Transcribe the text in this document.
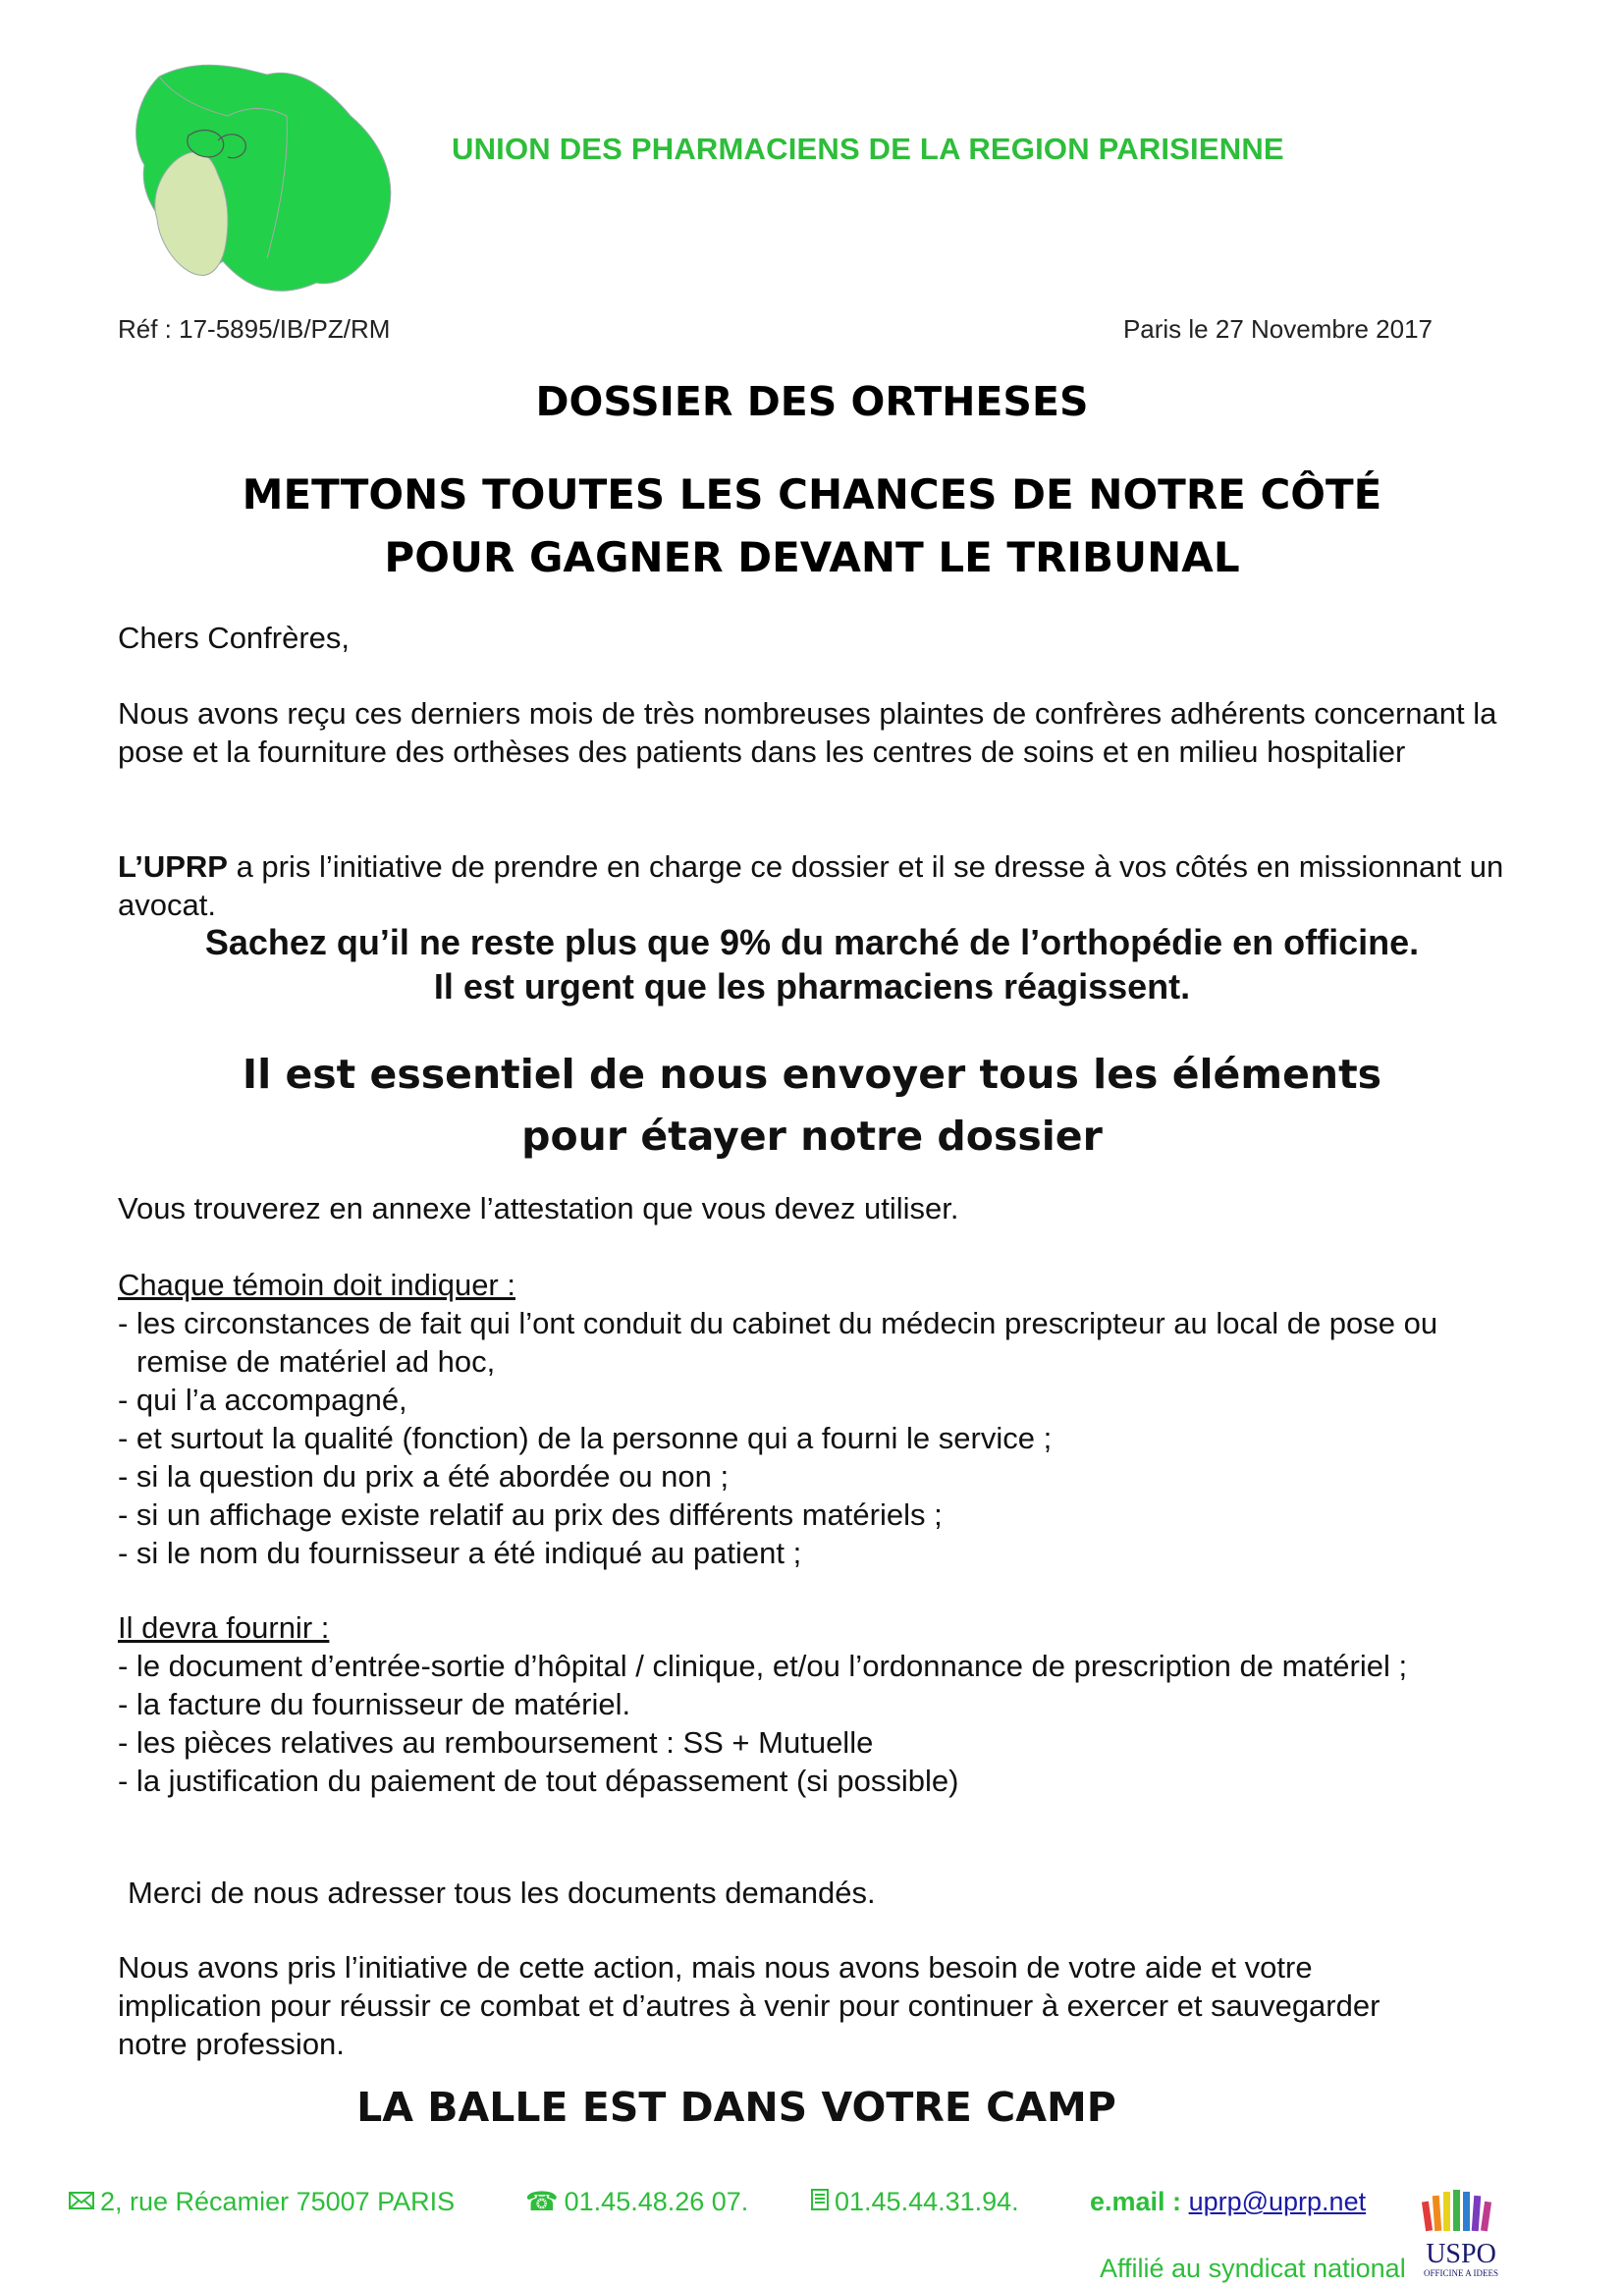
UNION DES PHARMACIENS DE LA REGION PARISIENNE
Réf : 17-5895/IB/PZ/RM	Paris le 27 Novembre 2017
DOSSIER DES ORTHESES
METTONS TOUTES LES CHANCES DE NOTRE CÔTÉ
POUR GAGNER DEVANT LE TRIBUNAL
Chers Confrères,
Nous avons reçu ces derniers mois de très nombreuses plaintes de confrères adhérents concernant la pose et la fourniture des orthèses des patients dans les centres de soins et en milieu hospitalier
L’UPRP a pris l’initiative de prendre en charge ce dossier et il se dresse à vos côtés en missionnant un avocat.
Sachez qu’il ne reste plus que 9% du marché de l’orthopédie en officine.
Il est urgent que les pharmaciens réagissent.
Il est essentiel de nous envoyer tous les éléments
pour étayer notre dossier
Vous trouverez en annexe l’attestation que vous devez utiliser.
Chaque témoin doit indiquer :
- les circonstances de fait qui l’ont conduit du cabinet du médecin prescripteur au local de pose ou remise de matériel ad hoc,
- qui l’a accompagné,
- et surtout la qualité (fonction) de la personne qui a fourni le service ;
- si la question du prix a été abordée ou non ;
- si un affichage existe relatif au prix des différents matériels ;
- si le nom du fournisseur a été indiqué au patient ;
Il devra fournir :
- le document d’entrée-sortie d’hôpital / clinique, et/ou l’ordonnance de prescription de matériel ;
- la facture du fournisseur de matériel.
- les pièces relatives au remboursement : SS + Mutuelle
- la justification du paiement de tout dépassement (si possible)
Merci de nous adresser tous les documents demandés.
Nous avons pris l’initiative de cette action, mais nous avons besoin de votre aide et votre implication pour réussir ce combat et d’autres à venir pour continuer à exercer et sauvegarder notre profession.
LA BALLE EST DANS VOTRE CAMP
2, rue Récamier 75007 PARIS	☎ 01.45.48.26 07.	01.45.44.31.94.	e.mail : uprp@uprp.net
Affilié au syndicat national USPO
OFFICINE A IDEES
